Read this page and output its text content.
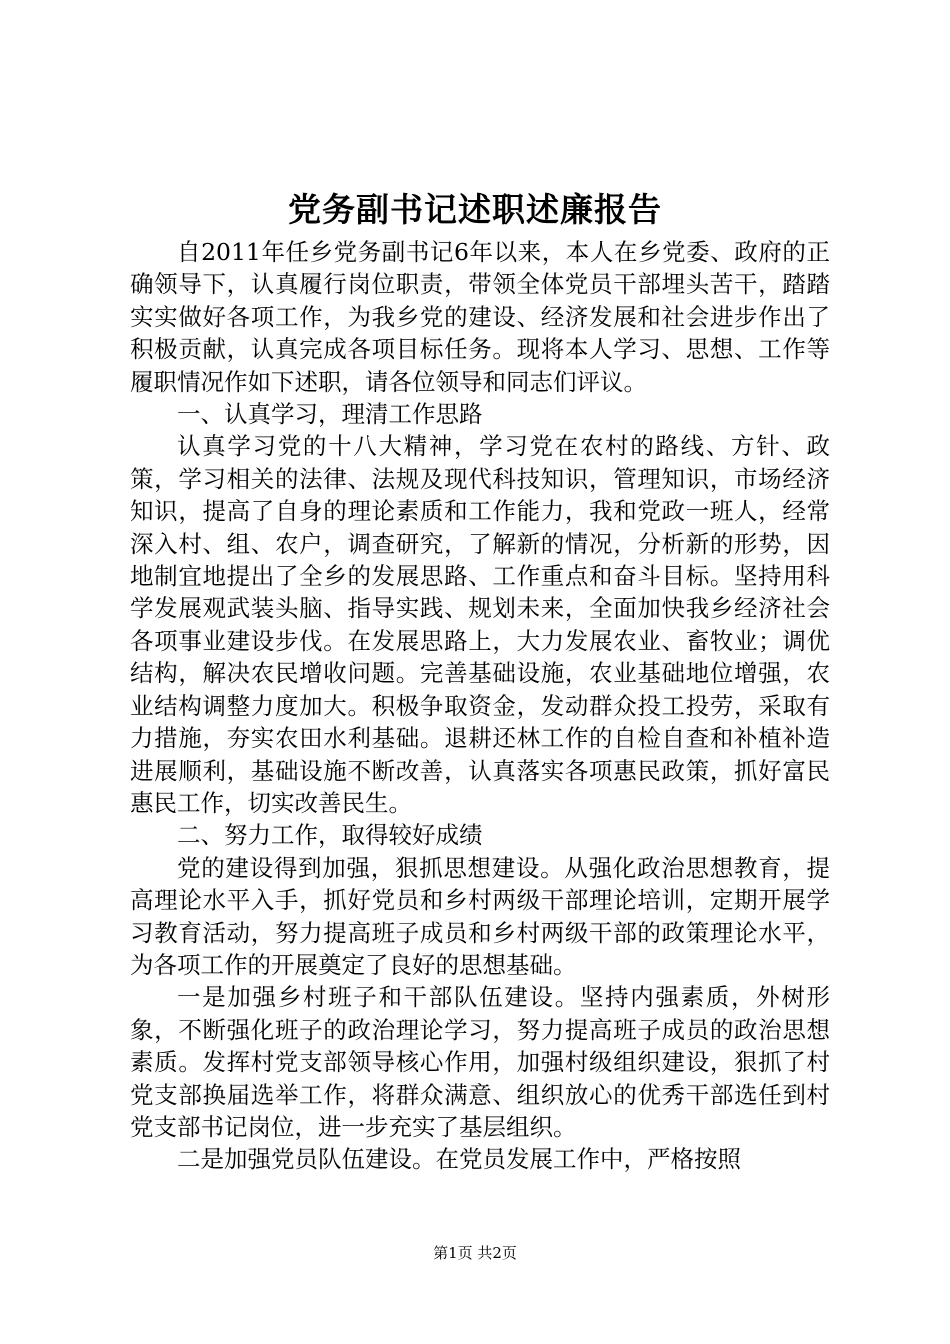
党务副书记述职述廉报告

自2011年任乡党务副书记6年以来，本人在乡党委、政府的正确领导下，认真履行岗位职责，带领全体党员干部埋头苦干，踏踏实实做好各项工作，为我乡党的建设、经济发展和社会进步作出了积极贡献，认真完成各项目标任务。现将本人学习、思想、工作等履职情况作如下述职，请各位领导和同志们评议。

一、认真学习，理清工作思路

认真学习党的十八大精神，学习党在农村的路线、方针、政策，学习相关的法律、法规及现代科技知识，管理知识，市场经济知识，提高了自身的理论素质和工作能力，我和党政一班人，经常深入村、组、农户，调查研究，了解新的情况，分析新的形势，因地制宜地提出了全乡的发展思路、工作重点和奋斗目标。坚持用科学发展观武装头脑、指导实践、规划未来，全面加快我乡经济社会各项事业建设步伐。在发展思路上，大力发展农业、畜牧业；调优结构，解决农民增收问题。完善基础设施，农业基础地位增强，农业结构调整力度加大。积极争取资金，发动群众投工投劳，采取有力措施，夯实农田水利基础。退耕还林工作的自检自查和补植补造进展顺利，基础设施不断改善，认真落实各项惠民政策，抓好富民惠民工作，切实改善民生。

二、努力工作，取得较好成绩

党的建设得到加强，狠抓思想建设。从强化政治思想教育，提高理论水平入手，抓好党员和乡村两级干部理论培训，定期开展学习教育活动，努力提高班子成员和乡村两级干部的政策理论水平，为各项工作的开展奠定了良好的思想基础。

一是加强乡村班子和干部队伍建设。坚持内强素质，外树形象，不断强化班子的政治理论学习，努力提高班子成员的政治思想素质。发挥村党支部领导核心作用，加强村级组织建设，狠抓了村党支部换届选举工作，将群众满意、组织放心的优秀干部选任到村党支部书记岗位，进一步充实了基层组织。

二是加强党员队伍建设。在党员发展工作中，严格按照

第1页 共2页
